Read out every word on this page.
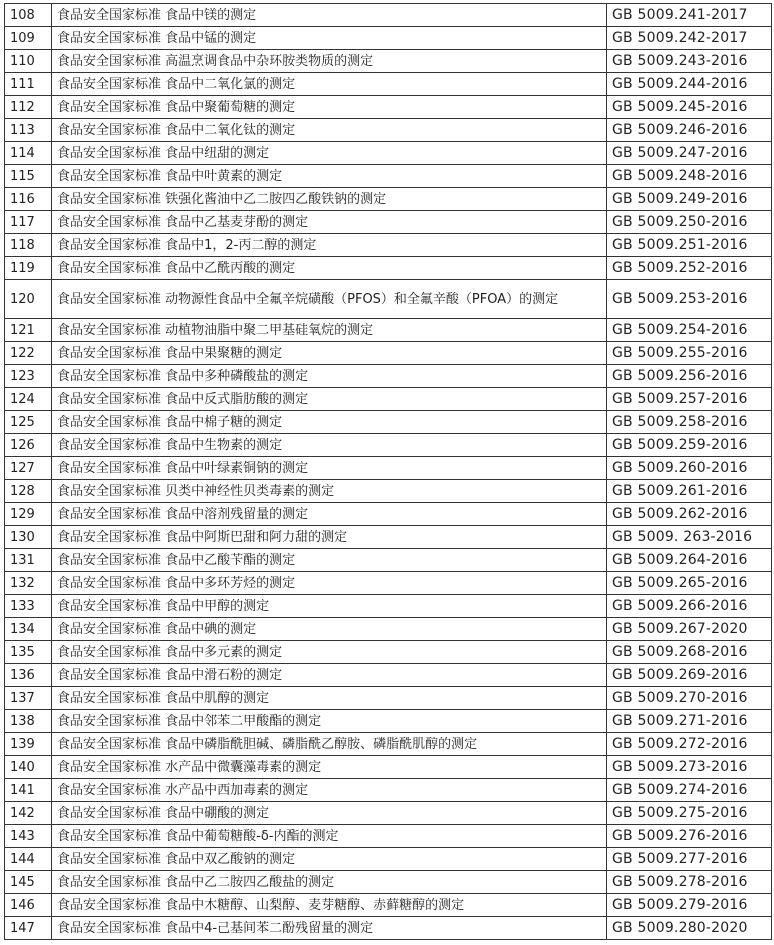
108	食品安全国家标准 食品中镁的测定	GB 5009.241-2017
109	食品安全国家标准 食品中锰的测定	GB 5009.242-2017
110	食品安全国家标准 高温烹调食品中杂环胺类物质的测定	GB 5009.243-2016
111	食品安全国家标准 食品中二氧化氯的测定	GB 5009.244-2016
112	食品安全国家标准 食品中聚葡萄糖的测定	GB 5009.245-2016
113	食品安全国家标准 食品中二氧化钛的测定	GB 5009.246-2016
114	食品安全国家标准 食品中纽甜的测定	GB 5009.247-2016
115	食品安全国家标准 食品中叶黄素的测定	GB 5009.248-2016
116	食品安全国家标准 铁强化酱油中乙二胺四乙酸铁钠的测定	GB 5009.249-2016
117	食品安全国家标准 食品中乙基麦芽酚的测定	GB 5009.250-2016
118	食品安全国家标准 食品中1，2-丙二醇的测定	GB 5009.251-2016
119	食品安全国家标准 食品中乙酰丙酸的测定	GB 5009.252-2016
120	食品安全国家标准 动物源性食品中全氟辛烷磺酸（PFOS）和全氟辛酸（PFOA）的测定	GB 5009.253-2016
121	食品安全国家标准 动植物油脂中聚二甲基硅氧烷的测定	GB 5009.254-2016
122	食品安全国家标准 食品中果聚糖的测定	GB 5009.255-2016
123	食品安全国家标准 食品中多种磷酸盐的测定	GB 5009.256-2016
124	食品安全国家标准 食品中反式脂肪酸的测定	GB 5009.257-2016
125	食品安全国家标准 食品中棉子糖的测定	GB 5009.258-2016
126	食品安全国家标准 食品中生物素的测定	GB 5009.259-2016
127	食品安全国家标准 食品中叶绿素铜钠的测定	GB 5009.260-2016
128	食品安全国家标准 贝类中神经性贝类毒素的测定	GB 5009.261-2016
129	食品安全国家标准 食品中溶剂残留量的测定	GB 5009.262-2016
130	食品安全国家标准 食品中阿斯巴甜和阿力甜的测定	GB 5009. 263-2016
131	食品安全国家标准 食品中乙酸苄酯的测定	GB 5009.264-2016
132	食品安全国家标准 食品中多环芳烃的测定	GB 5009.265-2016
133	食品安全国家标准 食品中甲醇的测定	GB 5009.266-2016
134	食品安全国家标准 食品中碘的测定	GB 5009.267-2020
135	食品安全国家标准 食品中多元素的测定	GB 5009.268-2016
136	食品安全国家标准 食品中滑石粉的测定	GB 5009.269-2016
137	食品安全国家标准 食品中肌醇的测定	GB 5009.270-2016
138	食品安全国家标准 食品中邻苯二甲酸酯的测定	GB 5009.271-2016
139	食品安全国家标准 食品中磷脂酰胆碱、磷脂酰乙醇胺、磷脂酰肌醇的测定	GB 5009.272-2016
140	食品安全国家标准 水产品中微囊藻毒素的测定	GB 5009.273-2016
141	食品安全国家标准 水产品中西加毒素的测定	GB 5009.274-2016
142	食品安全国家标准 食品中硼酸的测定	GB 5009.275-2016
143	食品安全国家标准 食品中葡萄糖酸-δ-内酯的测定	GB 5009.276-2016
144	食品安全国家标准 食品中双乙酸钠的测定	GB 5009.277-2016
145	食品安全国家标准 食品中乙二胺四乙酸盐的测定	GB 5009.278-2016
146	食品安全国家标准 食品中木糖醇、山梨醇、麦芽糖醇、赤藓糖醇的测定	GB 5009.279-2016
147	食品安全国家标准 食品中4-己基间苯二酚残留量的测定	GB 5009.280-2020
